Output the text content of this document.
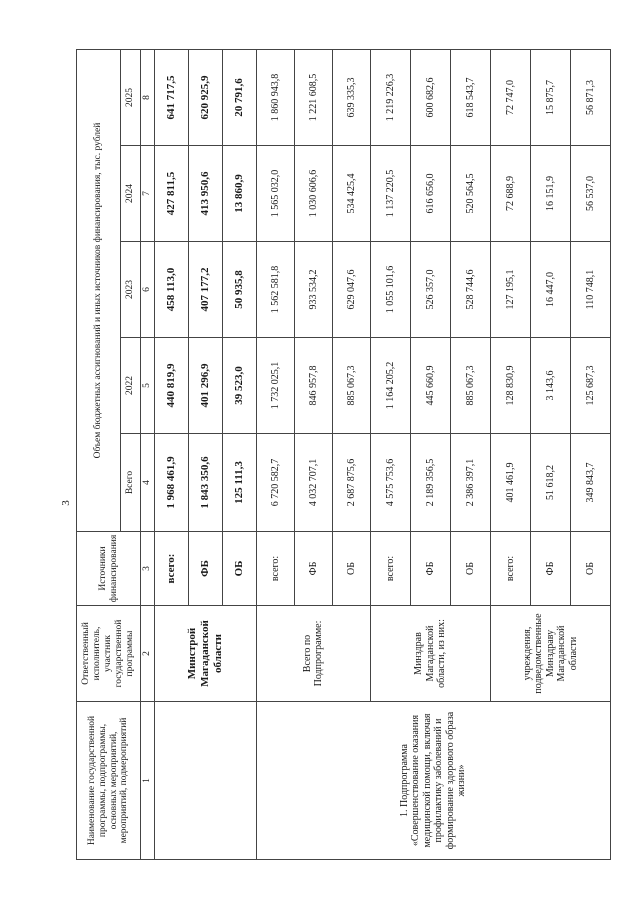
3
Наименование государственной программы, подпрограммы, основных мероприятий, мероприятий, подмероприятий	Ответственный исполнитель, участник государственной программы	Источники финансирования	Объем бюджетных ассигнований и иных источников финансирования, тыс. рублей				
			Всего	2022	2023	2024	2025
1	2	3	4	5	6	7	8
	Минстрой Магаданской области	всего:	1 968 461,9	440 819,9	458 113,0	427 811,5	641 717,5
		ФБ	1 843 350,6	401 296,9	407 177,2	413 950,6	620 925,9
		ОБ	125 111,3	39 523,0	50 935,8	13 860,9	20 791,6
1. Подпрограмма «Совершенствование оказания медицинской помощи, включая профилактику заболеваний и формирование здорового образа жизни»	Всего по Подпрограмме:	всего:	6 720 582,7	1 732 025,1	1 562 581,8	1 565 032,0	1 860 943,8
		ФБ	4 032 707,1	846 957,8	933 534,2	1 030 606,6	1 221 608,5
		ОБ	2 687 875,6	885 067,3	629 047,6	534 425,4	639 335,3
	Минздрав Магаданской области, из них:	всего:	4 575 753,6	1 164 205,2	1 055 101,6	1 137 220,5	1 219 226,3
		ФБ	2 189 356,5	445 660,9	526 357,0	616 656,0	600 682,6
		ОБ	2 386 397,1	885 067,3	528 744,6	520 564,5	618 543,7
	учреждения, подведомственные Минздраву Магаданской области	всего:	401 461,9	128 830,9	127 195,1	72 688,9	72 747,0
		ФБ	51 618,2	3 143,6	16 447,0	16 151,9	15 875,7
		ОБ	349 843,7	125 687,3	110 748,1	56 537,0	56 871,3
